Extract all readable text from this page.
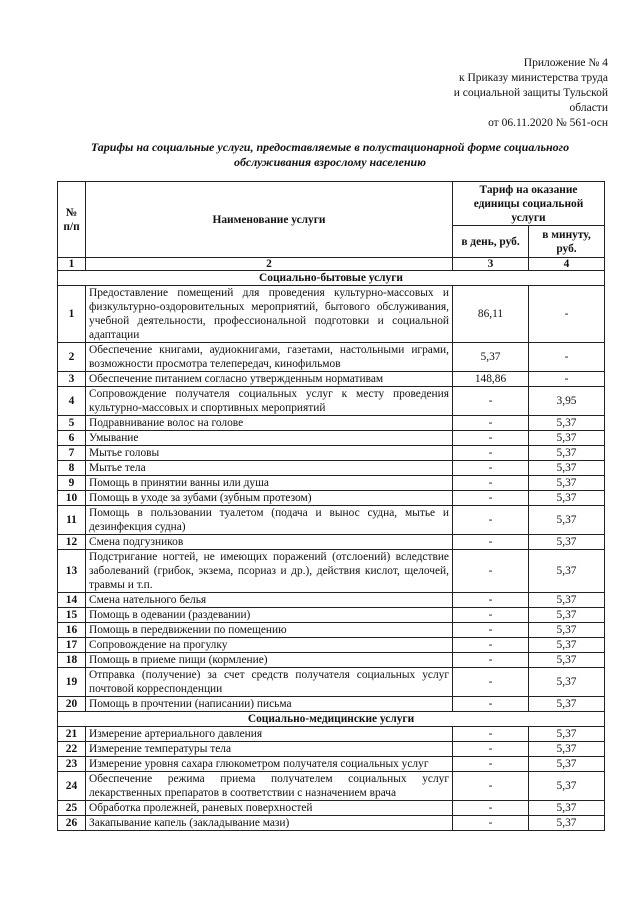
Приложение № 4
к Приказу министерства труда
и социальной защиты Тульской
области
от 06.11.2020 № 561-осн
Тарифы на социальные услуги, предоставляемые в полустационарной форме социального обслуживания взрослому населению
№ п/п	Наименование услуги	Тариф на оказание единицы социальной услуги	
		в день, руб.	в минуту, руб.
1	2	3	4
Социально-бытовые услуги			
1	Предоставление помещений для проведения культурно-массовых и физкультурно-оздоровительных мероприятий, бытового обслуживания, учебной деятельности, профессиональной подготовки и социальной адаптации	86,11	-
2	Обеспечение книгами, аудиокнигами, газетами, настольными играми, возможности просмотра телепередач, кинофильмов	5,37	-
3	Обеспечение питанием согласно утвержденным нормативам	148,86	-
4	Сопровождение получателя социальных услуг к месту проведения культурно-массовых и спортивных мероприятий	-	3,95
5	Подравнивание волос на голове	-	5,37
6	Умывание	-	5,37
7	Мытье головы	-	5,37
8	Мытье тела	-	5,37
9	Помощь в принятии ванны или душа	-	5,37
10	Помощь в уходе за зубами (зубным протезом)	-	5,37
11	Помощь в пользовании туалетом (подача и вынос судна, мытье и дезинфекция судна)	-	5,37
12	Смена подгузников	-	5,37
13	Подстригание ногтей, не имеющих поражений (отслоений) вследствие заболеваний (грибок, экзема, псориаз и др.), действия кислот, щелочей, травмы и т.п.	-	5,37
14	Смена нательного белья	-	5,37
15	Помощь в одевании (раздевании)	-	5,37
16	Помощь в передвижении по помещению	-	5,37
17	Сопровождение на прогулку	-	5,37
18	Помощь в приеме пищи (кормление)	-	5,37
19	Отправка (получение) за счет средств получателя социальных услуг почтовой корреспонденции	-	5,37
20	Помощь в прочтении (написании) письма	-	5,37
Социально-медицинские услуги			
21	Измерение артериального давления	-	5,37
22	Измерение температуры тела	-	5,37
23	Измерение уровня сахара глюкометром получателя социальных услуг	-	5,37
24	Обеспечение режима приема получателем социальных услуг лекарственных препаратов в соответствии с назначением врача	-	5,37
25	Обработка пролежней, раневых поверхностей	-	5,37
26	Закапывание капель (закладывание мази)	-	5,37
